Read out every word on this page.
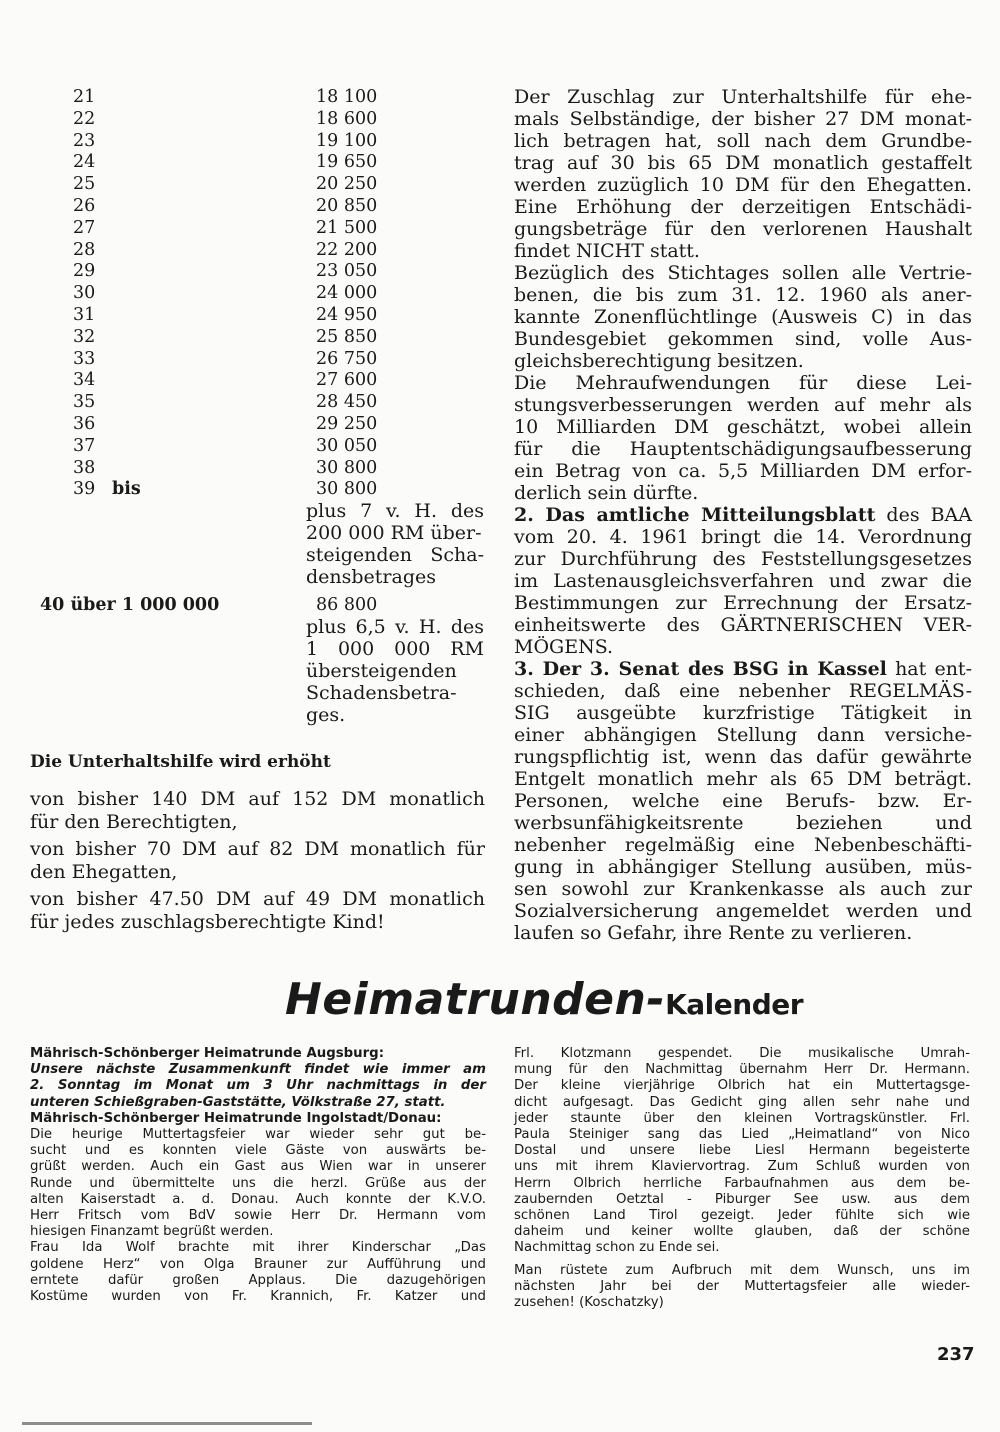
21	18 100
22	18 600
23	19 100
24	19 650
25	20 250
26	20 850
27	21 500
28	22 200
29	23 050
30	24 000
31	24 950
32	25 850
33	26 750
34	27 600
35	28 450
36	29 250
37	30 050
38	30 800
39 bis	30 800
plus 7 v. H. des
200 000 RM über-
steigenden Scha-
densbetrages
40 über 1 000 000	86 800
plus 6,5 v. H. des
1 000 000 RM
übersteigenden
Schadensbetra-
ges.
Die Unterhaltshilfe wird erhöht
von bisher 140 DM auf 152 DM monatlich
für den Berechtigten,
von bisher 70 DM auf 82 DM monatlich für
den Ehegatten,
von bisher 47.50 DM auf 49 DM monatlich
für jedes zuschlagsberechtigte Kind!
Der Zuschlag zur Unterhaltshilfe für ehe-
mals Selbständige, der bisher 27 DM monat-
lich betragen hat, soll nach dem Grundbe-
trag auf 30 bis 65 DM monatlich gestaffelt
werden zuzüglich 10 DM für den Ehegatten.
Eine Erhöhung der derzeitigen Entschädi-
gungsbeträge für den verlorenen Haushalt
findet NICHT statt.
Bezüglich des Stichtages sollen alle Vertrie-
benen, die bis zum 31. 12. 1960 als aner-
kannte Zonenflüchtlinge (Ausweis C) in das
Bundesgebiet gekommen sind, volle Aus-
gleichsberechtigung besitzen.
Die Mehraufwendungen für diese Lei-
stungsverbesserungen werden auf mehr als
10 Milliarden DM geschätzt, wobei allein
für die Hauptentschädigungsaufbesserung
ein Betrag von ca. 5,5 Milliarden DM erfor-
derlich sein dürfte.
2. Das amtliche Mitteilungsblatt des BAA
vom 20. 4. 1961 bringt die 14. Verordnung
zur Durchführung des Feststellungsgesetzes
im Lastenausgleichsverfahren und zwar die
Bestimmungen zur Errechnung der Ersatz-
einheitswerte des GÄRTNERISCHEN VER-
MÖGENS.
3. Der 3. Senat des BSG in Kassel hat ent-
schieden, daß eine nebenher REGELMÄS-
SIG ausgeübte kurzfristige Tätigkeit in
einer abhängigen Stellung dann versiche-
rungspflichtig ist, wenn das dafür gewährte
Entgelt monatlich mehr als 65 DM beträgt.
Personen, welche eine Berufs- bzw. Er-
werbsunfähigkeitsrente beziehen und
nebenher regelmäßig eine Nebenbeschäfti-
gung in abhängiger Stellung ausüben, müs-
sen sowohl zur Krankenkasse als auch zur
Sozialversicherung angemeldet werden und
laufen so Gefahr, ihre Rente zu verlieren.
Heimatrunden-Kalender
Mährisch-Schönberger Heimatrunde Augsburg:
Unsere nächste Zusammenkunft findet wie immer am
2. Sonntag im Monat um 3 Uhr nachmittags in der
unteren Schießgraben-Gaststätte, Völkstraße 27, statt.
Mährisch-Schönberger Heimatrunde Ingolstadt/Donau:
Die heurige Muttertagsfeier war wieder sehr gut be-
sucht und es konnten viele Gäste von auswärts be-
grüßt werden. Auch ein Gast aus Wien war in unserer
Runde und übermittelte uns die herzl. Grüße aus der
alten Kaiserstadt a. d. Donau. Auch konnte der K.V.O.
Herr Fritsch vom BdV sowie Herr Dr. Hermann vom
hiesigen Finanzamt begrüßt werden.
Frau Ida Wolf brachte mit ihrer Kinderschar „Das
goldene Herz“ von Olga Brauner zur Aufführung und
erntete dafür großen Applaus. Die dazugehörigen
Kostüme wurden von Fr. Krannich, Fr. Katzer und
Frl. Klotzmann gespendet. Die musikalische Umrah-
mung für den Nachmittag übernahm Herr Dr. Hermann.
Der kleine vierjährige Olbrich hat ein Muttertagsge-
dicht aufgesagt. Das Gedicht ging allen sehr nahe und
jeder staunte über den kleinen Vortragskünstler. Frl.
Paula Steiniger sang das Lied „Heimatland“ von Nico
Dostal und unsere liebe Liesl Hermann begeisterte
uns mit ihrem Klaviervortrag. Zum Schluß wurden von
Herrn Olbrich herrliche Farbaufnahmen aus dem be-
zaubernden Oetztal - Piburger See usw. aus dem
schönen Land Tirol gezeigt. Jeder fühlte sich wie
daheim und keiner wollte glauben, daß der schöne
Nachmittag schon zu Ende sei.
Man rüstete zum Aufbruch mit dem Wunsch, uns im
nächsten Jahr bei der Muttertagsfeier alle wieder-
zusehen! (Koschatzky)
237
